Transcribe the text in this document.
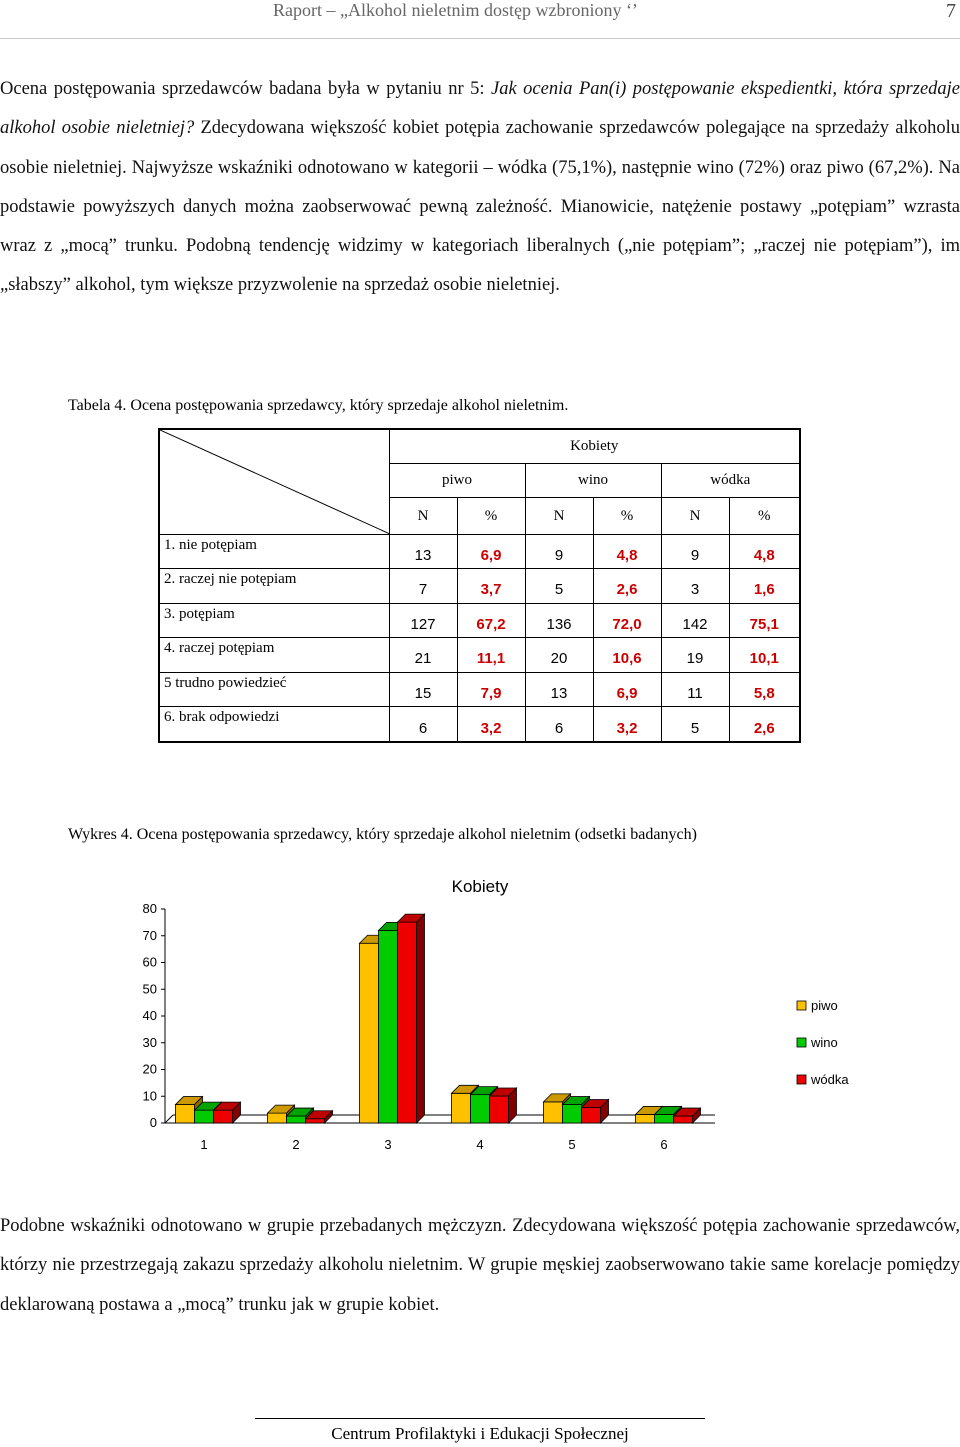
Raport – „Alkohol nieletnim dostęp wzbroniony ‘’	7
Ocena postępowania sprzedawców badana była w pytaniu nr 5: Jak ocenia Pan(i) postępowanie ekspedientki, która sprzedaje alkohol osobie nieletniej? Zdecydowana większość kobiet potępia zachowanie sprzedawców polegające na sprzedaży alkoholu osobie nieletniej. Najwyższe wskaźniki odnotowano w kategorii – wódka (75,1%), następnie wino (72%) oraz piwo (67,2%). Na podstawie powyższych danych można zaobserwować pewną zależność. Mianowicie, natężenie postawy „potępiam” wzrasta wraz z „mocą” trunku. Podobną tendencję widzimy w kategoriach liberalnych („nie potępiam”; „raczej nie potępiam”), im „słabszy” alkohol, tym większe przyzwolenie na sprzedaż osobie nieletniej.
Tabela 4. Ocena postępowania sprzedawcy, który sprzedaje alkohol nieletnim.
	Kobiety					
	piwo		wino		wódka	
	N	%	N	%	N	%
1. nie potępiam	13	6,9	9	4,8	9	4,8
2. raczej nie potępiam	7	3,7	5	2,6	3	1,6
3. potępiam	127	67,2	136	72,0	142	75,1
4. raczej potępiam	21	11,1	20	10,6	19	10,1
5 trudno powiedzieć	15	7,9	13	6,9	11	5,8
6. brak odpowiedzi	6	3,2	6	3,2	5	2,6
Wykres 4. Ocena postępowania sprzedawcy, który sprzedaje alkohol nieletnim (odsetki badanych)
Kobiety
0
10
20
30
40
50
60
70
80
1	2	3	4	5	6
piwo
wino
wódka
Podobne wskaźniki odnotowano w grupie przebadanych mężczyzn. Zdecydowana większość potępia zachowanie sprzedawców, którzy nie przestrzegają zakazu sprzedaży alkoholu nieletnim. W grupie męskiej zaobserwowano takie same korelacje pomiędzy deklarowaną postawa a „mocą” trunku jak w grupie kobiet.
Centrum Profilaktyki i Edukacji Społecznej
